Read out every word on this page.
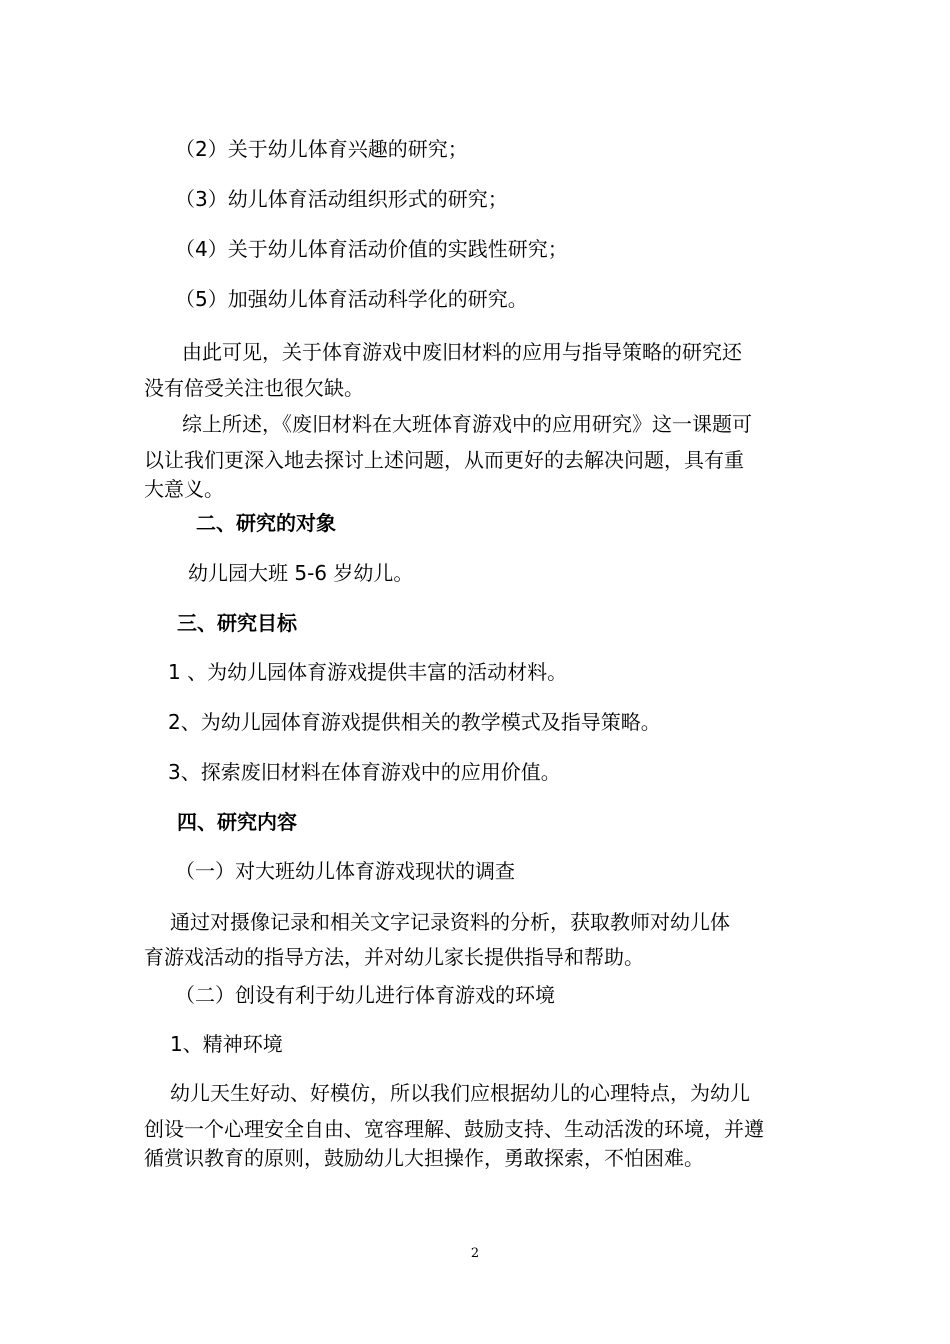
（2）关于幼儿体育兴趣的研究；
（3）幼儿体育活动组织形式的研究；
（4）关于幼儿体育活动价值的实践性研究；
（5）加强幼儿体育活动科学化的研究。
由此可见，关于体育游戏中废旧材料的应用与指导策略的研究还
没有倍受关注也很欠缺。
综上所述，《废旧材料在大班体育游戏中的应用研究》这一课题可
以让我们更深入地去探讨上述问题，从而更好的去解决问题，具有重
大意义。
二、研究的对象
幼儿园大班 5-6 岁幼儿。
三、研究目标
1 、为幼儿园体育游戏提供丰富的活动材料。
2、为幼儿园体育游戏提供相关的教学模式及指导策略。
3、探索废旧材料在体育游戏中的应用价值。
四、研究内容
（一）对大班幼儿体育游戏现状的调查
通过对摄像记录和相关文字记录资料的分析，获取教师对幼儿体
育游戏活动的指导方法，并对幼儿家长提供指导和帮助。
（二）创设有利于幼儿进行体育游戏的环境
1、精神环境
幼儿天生好动、好模仿，所以我们应根据幼儿的心理特点，为幼儿
创设一个心理安全自由、宽容理解、鼓励支持、生动活泼的环境，并遵
循赏识教育的原则，鼓励幼儿大担操作，勇敢探索，不怕困难。
2
